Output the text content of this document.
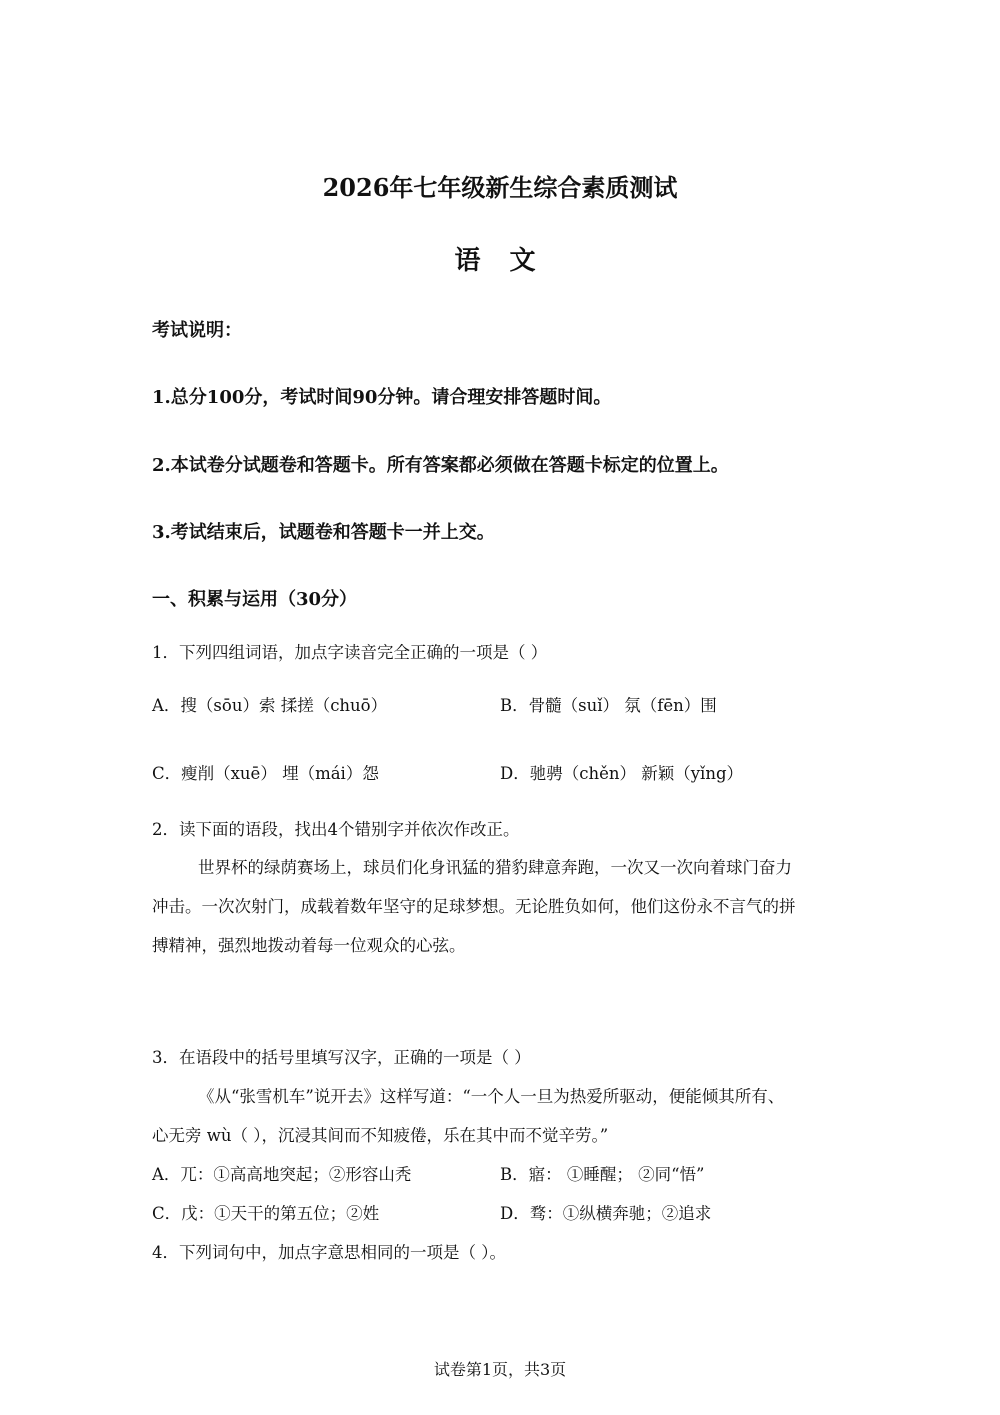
2026年七年级新生综合素质测试
语 文
考试说明：
1.总分100分，考试时间90分钟。请合理安排答题时间。
2.本试卷分试题卷和答题卡。所有答案都必须做在答题卡标定的位置上。
3.考试结束后，试题卷和答题卡一并上交。
一、积累与运用（30分）
1．下列四组词语，加点字读音完全正确的一项是（ ）
A．搜（sōu）索 揉搓（chuō）	B．骨髓（suǐ） 氛（fēn）围
C．瘦削（xuē） 埋（mái）怨	D．驰骋（chěn） 新颖（yǐng）
2．读下面的语段，找出4个错别字并依次作改正。
世界杯的绿荫赛场上，球员们化身讯猛的猎豹肆意奔跑，一次又一次向着球门奋力
冲击。一次次射门，成载着数年坚守的足球梦想。无论胜负如何，他们这份永不言气的拼
搏精神，强烈地拨动着每一位观众的心弦。
3．在语段中的括号里填写汉字，正确的一项是（ ）
《从“张雪机车”说开去》这样写道：“一个人一旦为热爱所驱动，便能倾其所有、
心无旁 wù（ ），沉浸其间而不知疲倦，乐在其中而不觉辛劳。”
A．兀：①高高地突起；②形容山秃	B．寤： ①睡醒； ②同“悟”
C．戊：①天干的第五位；②姓	D．骛：①纵横奔驰；②追求
4．下列词句中，加点字意思相同的一项是（ ）。
试卷第1页，共3页
